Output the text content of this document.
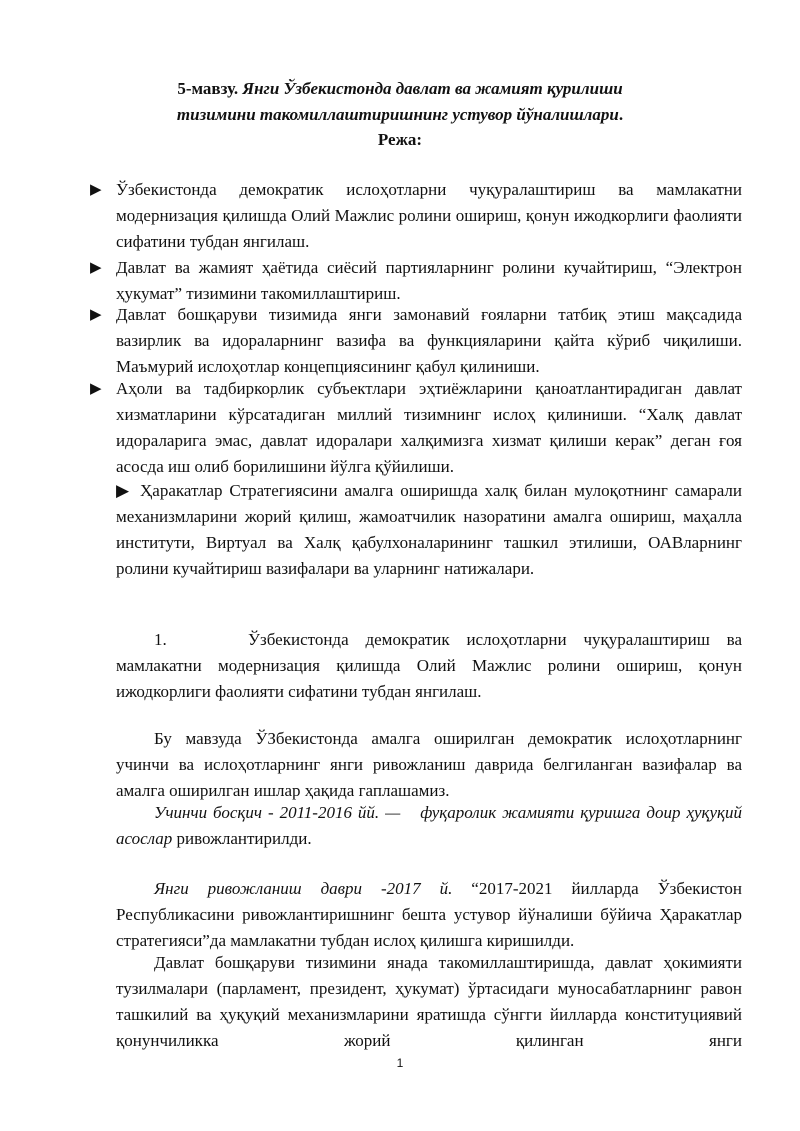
5-мавзу. Янги Ўзбекистонда давлат ва жамият қурилиши
тизимини такомиллаштиришнинг устувор йўналишлари.
Режа:
▶ Ўзбекистонда демократик ислоҳотларни чуқуралаштириш ва мамлакатни модернизация қилишда Олий Мажлис ролини ошириш, қонун ижодкорлиги фаолияти сифатини тубдан янгилаш.
▶ Давлат ва жамият ҳаётида сиёсий партияларнинг ролини кучайтириш, “Электрон ҳукумат” тизимини такомиллаштириш.
▶ Давлат бошқаруви тизимида янги замонавий ғояларни татбиқ этиш мақсадида вазирлик ва идораларнинг вазифа ва функцияларини қайта кўриб чиқилиши. Маъмурий ислоҳотлар концепциясининг қабул қилиниши.
▶ Аҳоли ва тадбиркорлик субъектлари эҳтиёжларини қаноатлантирадиган давлат хизматларини кўрсатадиган миллий тизимнинг ислоҳ қилиниши. “Халқ давлат идораларига эмас, давлат идоралари халқимизга хизмат қилиши керак” деган ғоя асосда иш олиб борилишини йўлга қўйилиши.
▶ Ҳаракатлар Стратегиясини амалга оширишда халқ билан мулоқотнинг самарали механизмларини жорий қилиш, жамоатчилик назоратини амалга ошириш, маҳалла институти, Виртуал ва Халқ қабулхоналарининг ташкил этилиши, ОАВларнинг ролини кучайтириш вазифалари ва уларнинг натижалари.
1.	Ўзбекистонда демократик ислоҳотларни чуқуралаштириш ва мамлакатни модернизация қилишда Олий Мажлис ролини ошириш, қонун ижодкорлиги фаолияти сифатини тубдан янгилаш.
Бу мавзуда ЎЗбекистонда амалга оширилган демократик ислоҳотларнинг учинчи ва ислоҳотларнинг янги ривожланиш даврида белгиланган вазифалар ва амалга оширилган ишлар ҳақида гаплашамиз.
Учинчи босқич - 2011-2016 йй. — фуқаролик жамияти қуришга доир ҳуқуқий асослар ривожлантирилди.
Янги ривожланиш даври -2017 й. “2017-2021 йилларда Ўзбекистон Республикасини ривожлантиришнинг бешта устувор йўналиши бўйича Ҳаракатлар стратегияси”да мамлакатни тубдан ислоҳ қилишга киришилди.
Давлат бошқаруви тизимини янада такомиллаштиришда, давлат ҳокимияти тузилмалари (парламент, президент, ҳукумат) ўртасидаги муносабатларнинг равон ташкилий ва ҳуқуқий механизмларини яратишда сўнгги йилларда конституциявий қонунчиликка жорий қилинган янги
1
